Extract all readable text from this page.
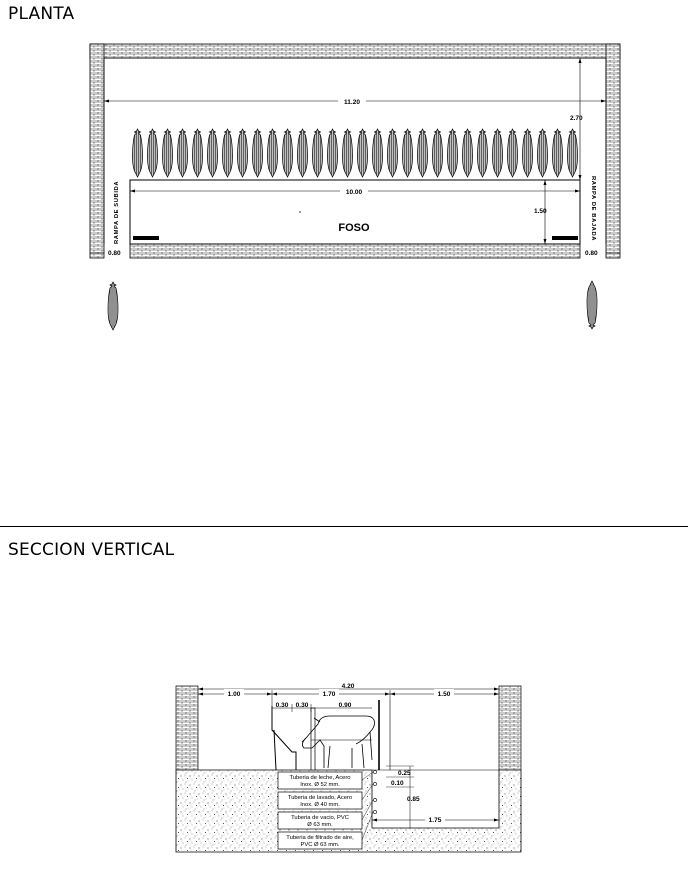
PLANTA
11.20
2.70
10.00
1.50
0.80	0.80
FOSO
RAMPA DE SUBIDA	RAMPA DE BAJADA
SECCION VERTICAL
Tuberia de leche, Acero
Inox. Ø 52 mm.
Tuberia de lavado, Acero
Inox. Ø 40 mm.
Tuberia de vacio, PVC
Ø 63 mm.
Tuberia de filtrado de aire,
PVC Ø 63 mm.
4.20
1.00	1.70	1.50
0.30 0.30	0.90
0.25
0.10
0.85
1.75
